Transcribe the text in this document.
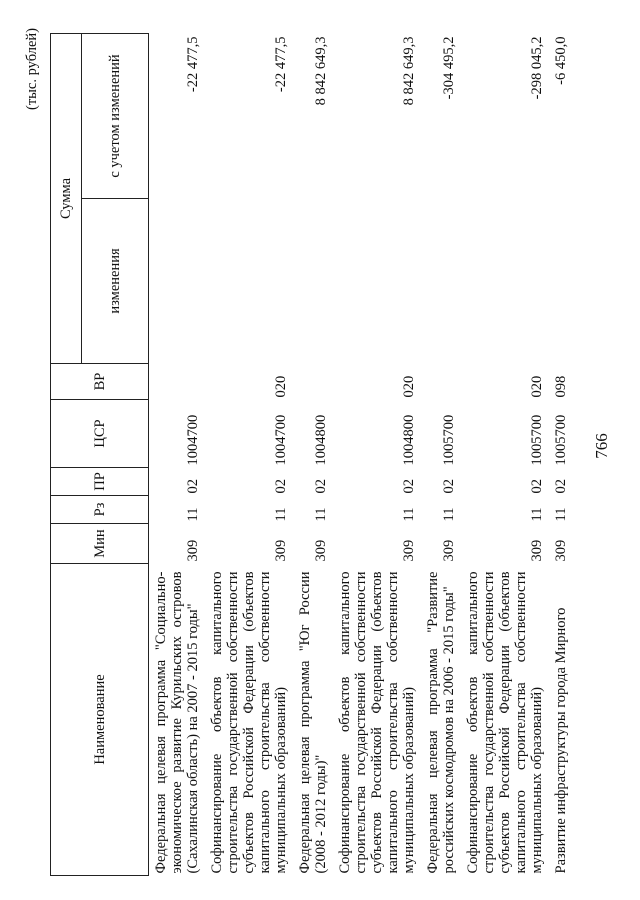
766
(тыс. рублей)
Наименование	Мин	Рз	ПР	ЦСР	ВР	Сумма	
						изменения	с учетом изменений
Федеральная целевая программа "Социально-экономическое развитие Курильских островов (Сахалинская область) на 2007 - 2015 годы"	309	11	02	1004700			-22 477,5
Софинансирование объектов капитального строительства государственной собственности субъектов Российской Федерации (объектов капитального строительства собственности муниципальных образований)	309	11	02	1004700	020		-22 477,5
Федеральная целевая программа "Юг России (2008 - 2012 годы)"	309	11	02	1004800			8 842 649,3
Софинансирование объектов капитального строительства государственной собственности субъектов Российской Федерации (объектов капитального строительства собственности муниципальных образований)	309	11	02	1004800	020		8 842 649,3
Федеральная целевая программа "Развитие российских космодромов на 2006 - 2015 годы"	309	11	02	1005700			-304 495,2
Софинансирование объектов капитального строительства государственной собственности субъектов Российской Федерации (объектов капитального строительства собственности муниципальных образований)	309	11	02	1005700	020		-298 045,2
Развитие инфраструктуры города Мирного	309	11	02	1005700	098		-6 450,0
